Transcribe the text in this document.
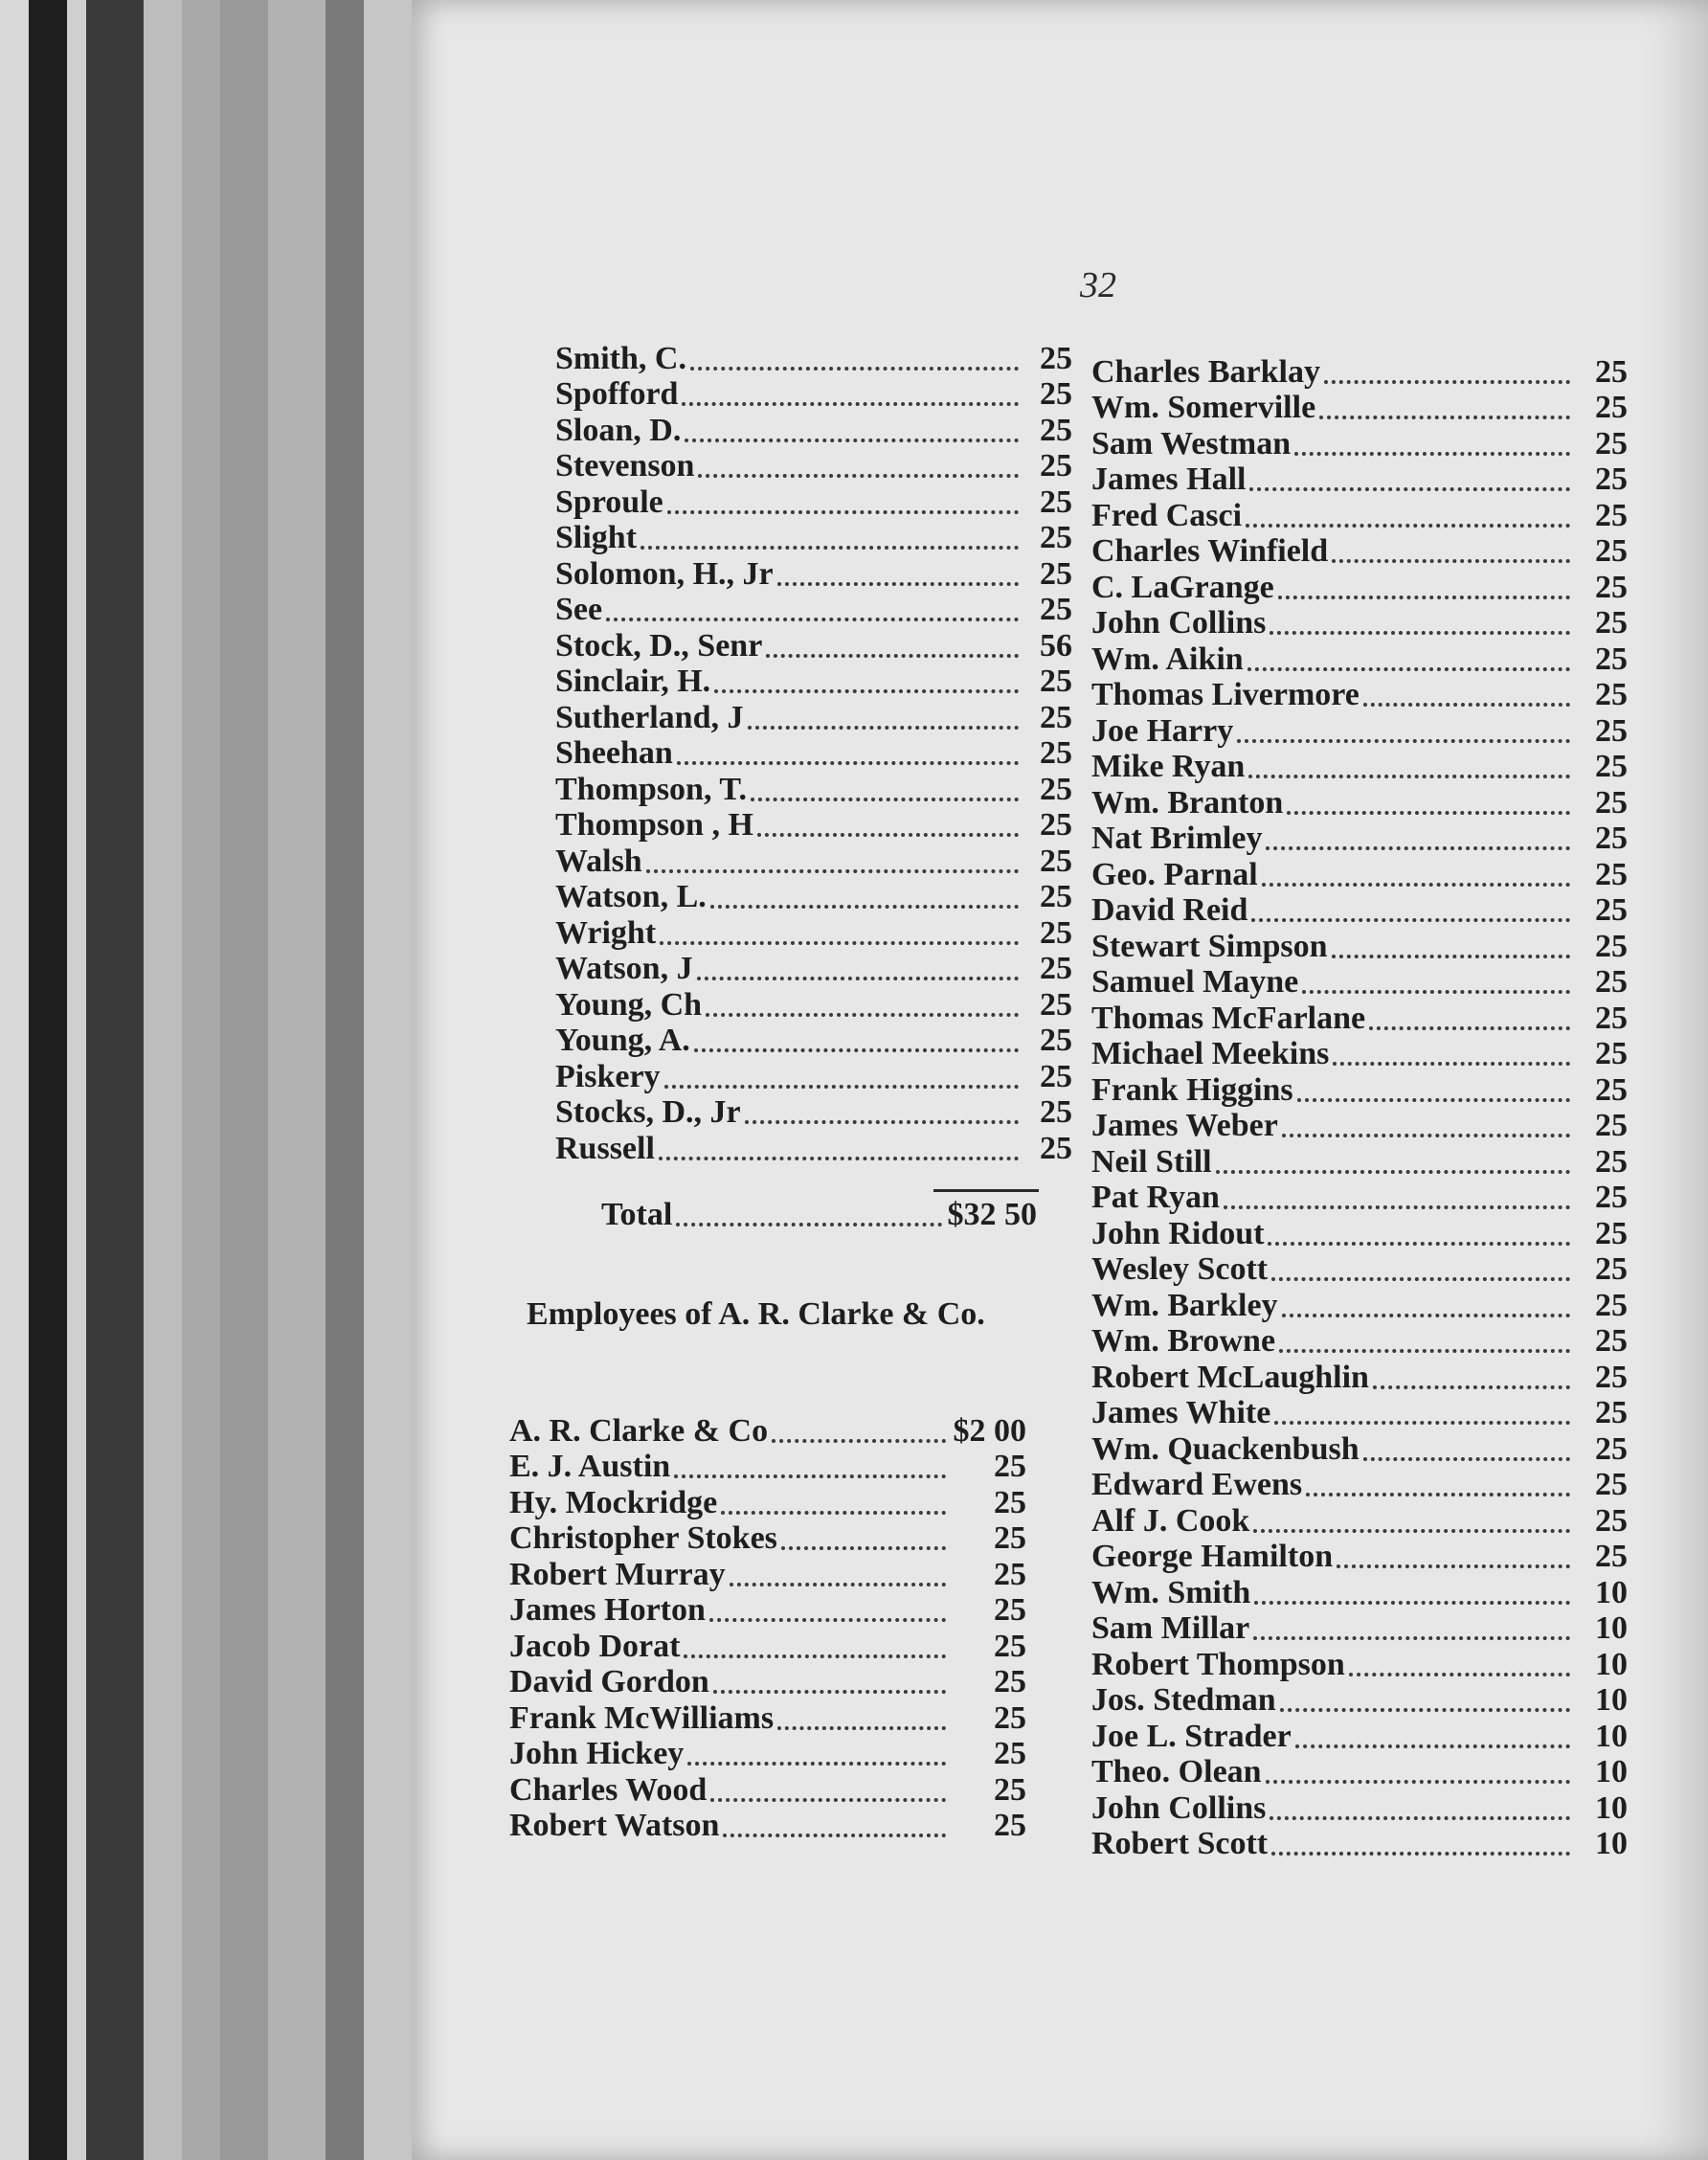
32
Smith, C.	25
Spofford	25
Sloan, D.	25
Stevenson	25
Sproule	25
Slight	25
Solomon, H., Jr	25
See	25
Stock, D., Senr	56
Sinclair, H.	25
Sutherland, J	25
Sheehan	25
Thompson, T.	25
Thompson , H	25
Walsh	25
Watson, L.	25
Wright	25
Watson, J	25
Young, Ch	25
Young, A.	25
Piskery	25
Stocks, D., Jr	25
Russell	25
Total	$32 50
Employees of A. R. Clarke & Co.
A. R. Clarke & Co	$2 00
E. J. Austin	25
Hy. Mockridge	25
Christopher Stokes	25
Robert Murray	25
James Horton	25
Jacob Dorat	25
David Gordon	25
Frank McWilliams	25
John Hickey	25
Charles Wood	25
Robert Watson	25
Charles Barklay	25
Wm. Somerville	25
Sam Westman	25
James Hall	25
Fred Casci	25
Charles Winfield	25
C. LaGrange	25
John Collins	25
Wm. Aikin	25
Thomas Livermore	25
Joe Harry	25
Mike Ryan	25
Wm. Branton	25
Nat Brimley	25
Geo. Parnal	25
David Reid	25
Stewart Simpson	25
Samuel Mayne	25
Thomas McFarlane	25
Michael Meekins	25
Frank Higgins	25
James Weber	25
Neil Still	25
Pat Ryan	25
John Ridout	25
Wesley Scott	25
Wm. Barkley	25
Wm. Browne	25
Robert McLaughlin	25
James White	25
Wm. Quackenbush	25
Edward Ewens	25
Alf J. Cook	25
George Hamilton	25
Wm. Smith	10
Sam Millar	10
Robert Thompson	10
Jos. Stedman	10
Joe L. Strader	10
Theo. Olean	10
John Collins	10
Robert Scott	10
